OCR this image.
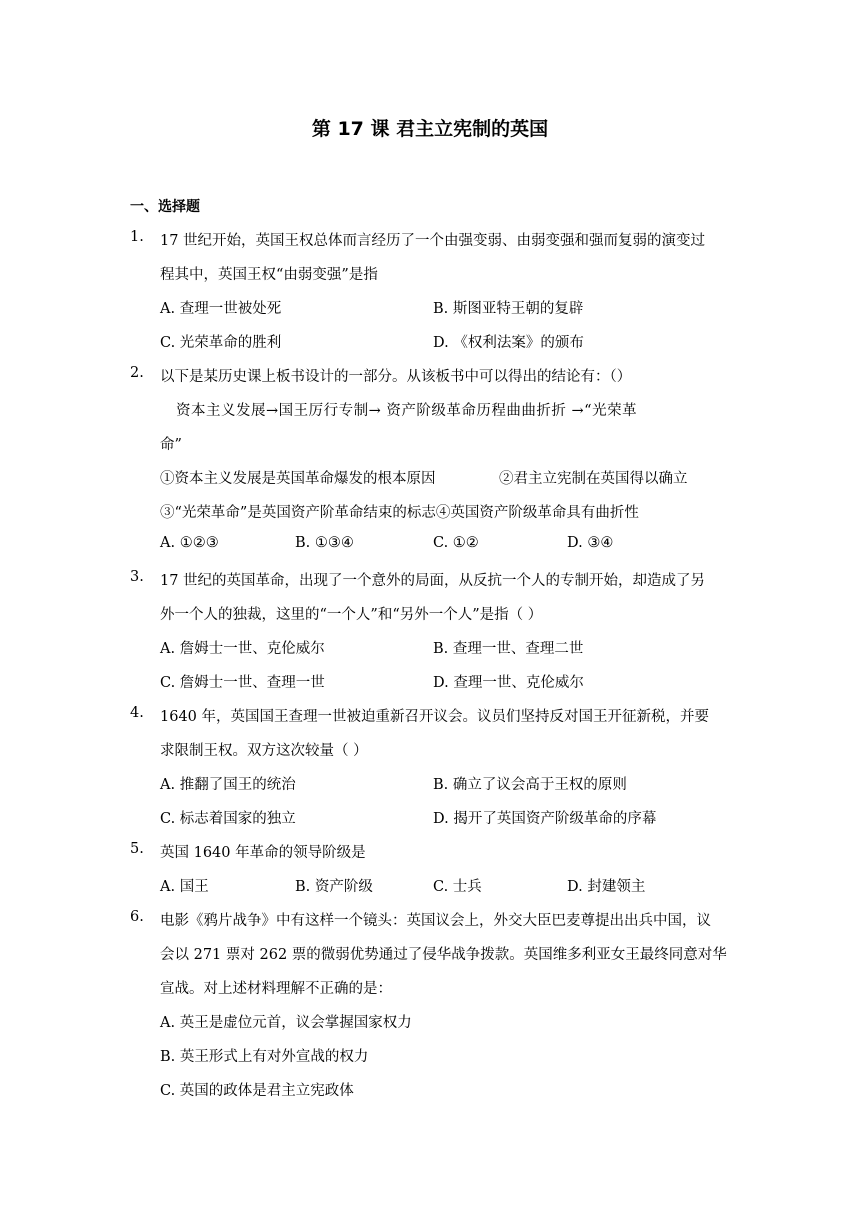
第 17 课 君主立宪制的英国
一、选择题
1. 17 世纪开始，英国王权总体而言经历了一个由强变弱、由弱变强和强而复弱的演变过
程其中，英国王权“由弱变强”是指
A. 查理一世被处死	B. 斯图亚特王朝的复辟
C. 光荣革命的胜利	D. 《权利法案》的颁布
2. 以下是某历史课上板书设计的一部分。从该板书中可以得出的结论有：（）
资本主义发展→国王厉行专制→ 资产阶级革命历程曲曲折折 →“光荣革
命”
①资本主义发展是英国革命爆发的根本原因	②君主立宪制在英国得以确立
③“光荣革命”是英国资产阶革命结束的标志④英国资产阶级革命具有曲折性
A. ①②③	B. ①③④	C. ①②	D. ③④
3. 17 世纪的英国革命，出现了一个意外的局面，从反抗一个人的专制开始，却造成了另
外一个人的独裁，这里的“一个人”和“另外一个人”是指（ ）
A. 詹姆士一世、克伦威尔	B. 查理一世、查理二世
C. 詹姆士一世、查理一世	D. 查理一世、克伦威尔
4. 1640 年，英国国王查理一世被迫重新召开议会。议员们坚持反对国王开征新税，并要
求限制王权。双方这次较量（ ）
A. 推翻了国王的统治	B. 确立了议会高于王权的原则
C. 标志着国家的独立	D. 揭开了英国资产阶级革命的序幕
5. 英国 1640 年革命的领导阶级是
A. 国王	B. 资产阶级	C. 士兵	D. 封建领主
6. 电影《鸦片战争》中有这样一个镜头：英国议会上，外交大臣巴麦尊提出出兵中国，议
会以 271 票对 262 票的微弱优势通过了侵华战争拨款。英国维多利亚女王最终同意对华
宣战。对上述材料理解不正确的是：
A. 英王是虚位元首，议会掌握国家权力
B. 英王形式上有对外宣战的权力
C. 英国的政体是君主立宪政体
